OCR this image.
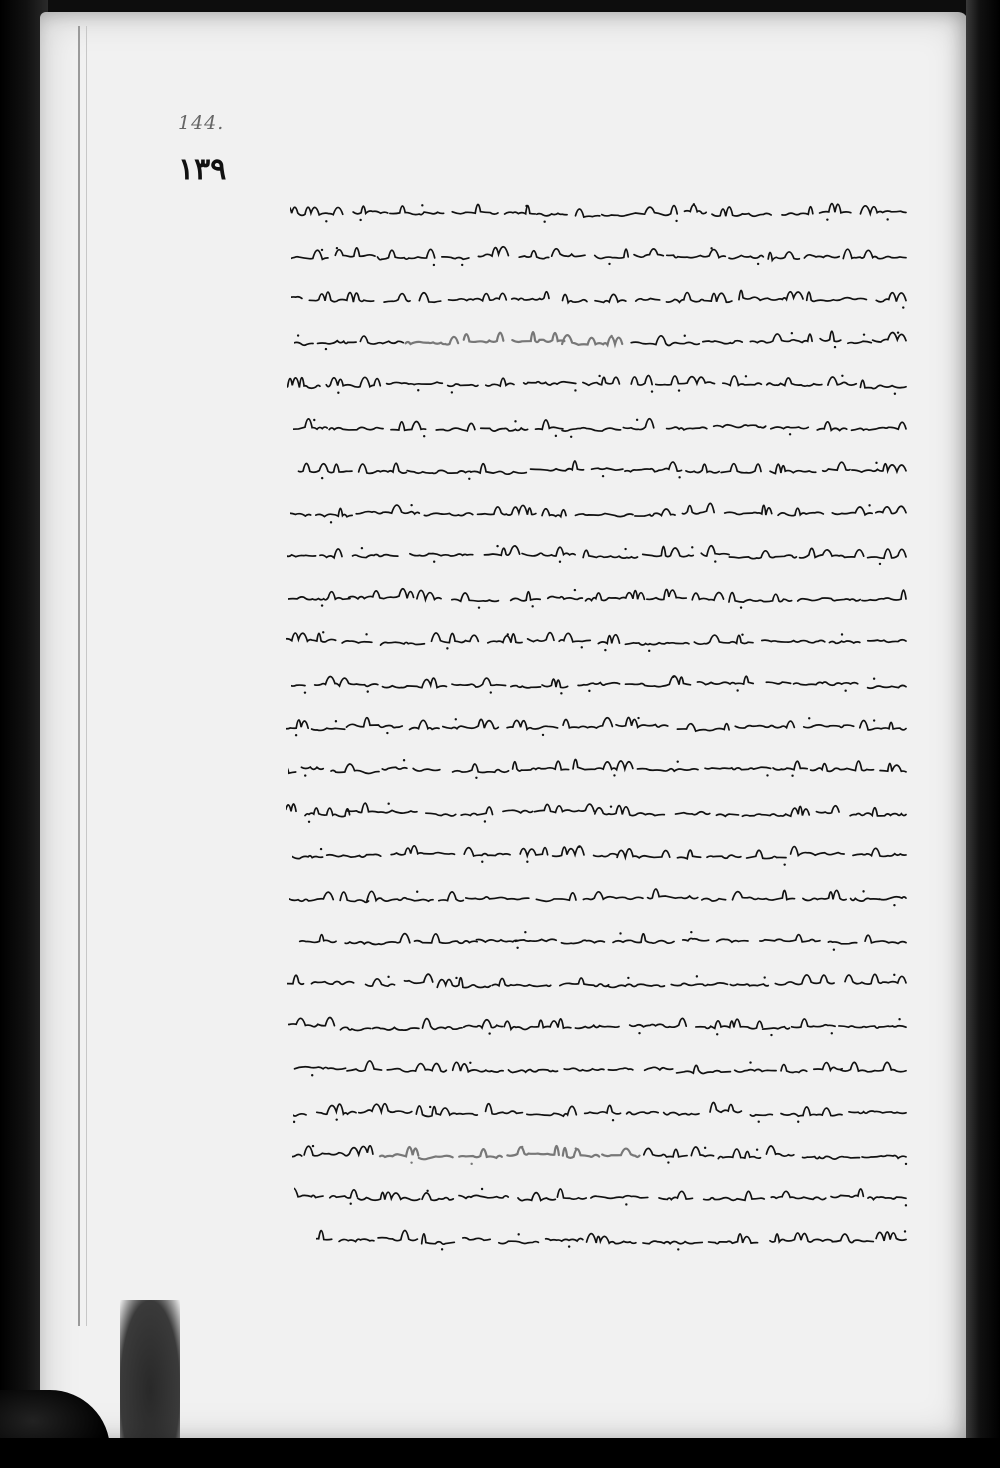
144.
١٣٩
